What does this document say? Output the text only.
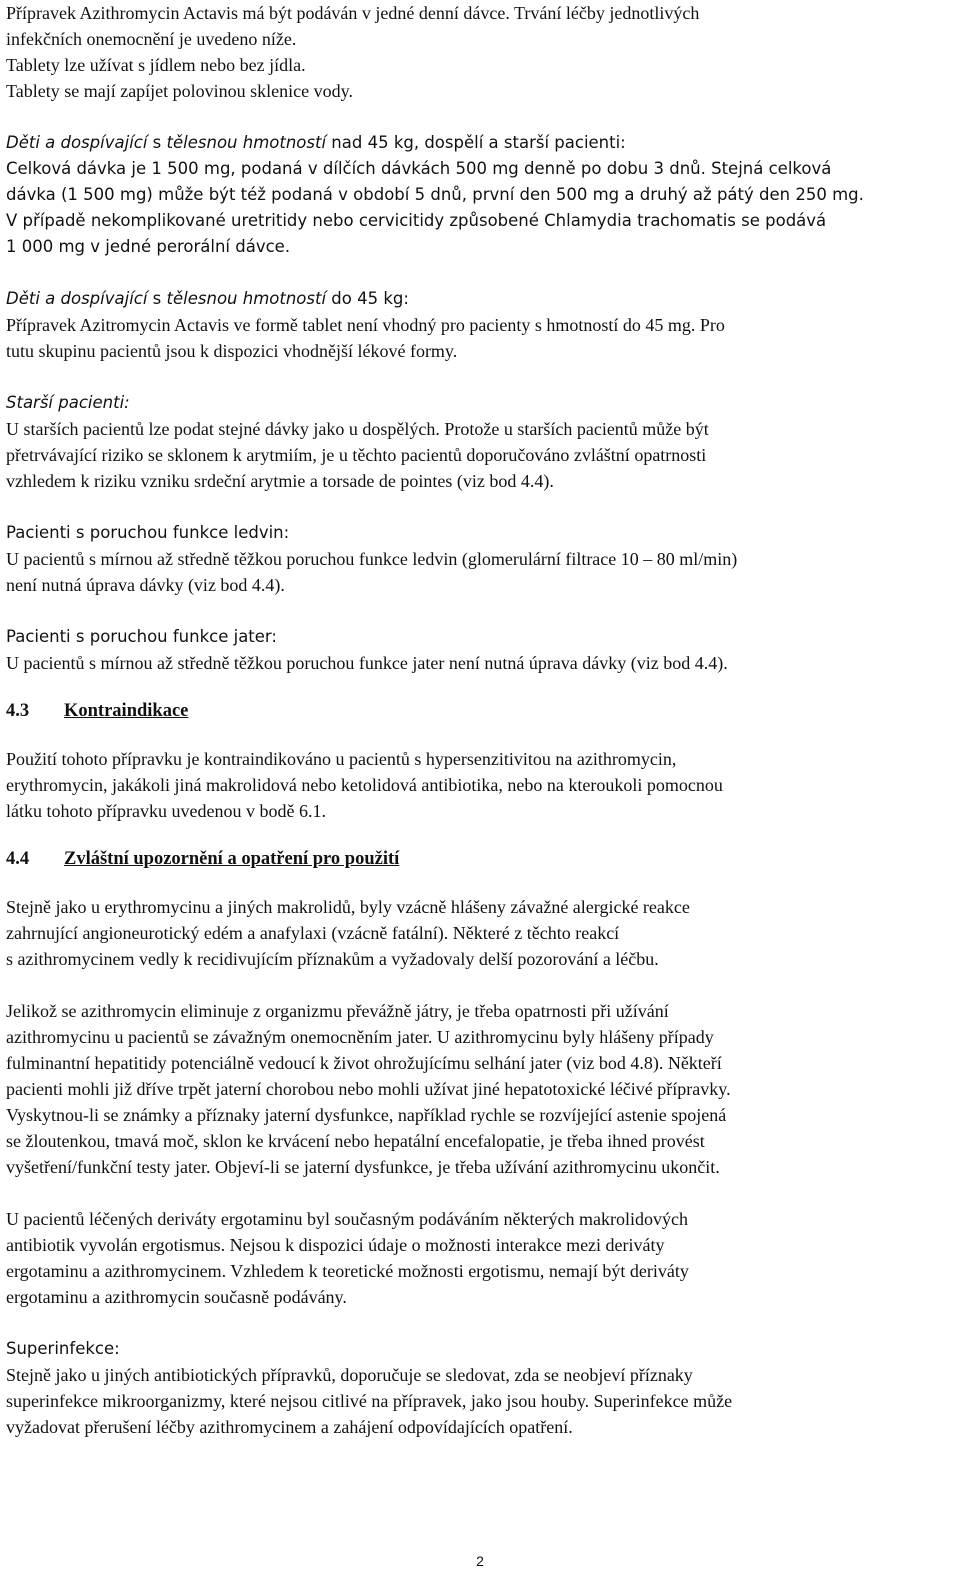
Přípravek Azithromycin Actavis má být podáván v jedné denní dávce. Trvání léčby jednotlivých
infekčních onemocnění je uvedeno níže.
Tablety lze užívat s jídlem nebo bez jídla.
Tablety se mají zapíjet polovinou sklenice vody.
Děti a dospívající s tělesnou hmotností nad 45 kg, dospělí a starší pacienti:
Celková dávka je 1 500 mg, podaná v dílčích dávkách 500 mg denně po dobu 3 dnů. Stejná celková
dávka (1 500 mg) může být též podaná v období 5 dnů, první den 500 mg a druhý až pátý den 250 mg.
V případě nekomplikované uretritidy nebo cervicitidy způsobené Chlamydia trachomatis se podává
1 000 mg v jedné perorální dávce.
Děti a dospívající s tělesnou hmotností do 45 kg:
Přípravek Azitromycin Actavis ve formě tablet není vhodný pro pacienty s hmotností do 45 mg. Pro
tutu skupinu pacientů jsou k dispozici vhodnější lékové formy.
Starší pacienti:
U starších pacientů lze podat stejné dávky jako u dospělých. Protože u starších pacientů může být
přetrvávající riziko se sklonem k arytmiím, je u těchto pacientů doporučováno zvláštní opatrnosti
vzhledem k riziku vzniku srdeční arytmie a torsade de pointes (viz bod 4.4).
Pacienti s poruchou funkce ledvin:
U pacientů s mírnou až středně těžkou poruchou funkce ledvin (glomerulární filtrace 10 – 80 ml/min)
není nutná úprava dávky (viz bod 4.4).
Pacienti s poruchou funkce jater:
U pacientů s mírnou až středně těžkou poruchou funkce jater není nutná úprava dávky (viz bod 4.4).
4.3	Kontraindikace
Použití tohoto přípravku je kontraindikováno u pacientů s hypersenzitivitou na azithromycin,
erythromycin, jakákoli jiná makrolidová nebo ketolidová antibiotika, nebo na kteroukoli pomocnou
látku tohoto přípravku uvedenou v bodě 6.1.
4.4	Zvláštní upozornění a opatření pro použití
Stejně jako u erythromycinu a jiných makrolidů, byly vzácně hlášeny závažné alergické reakce
zahrnující angioneurotický edém a anafylaxi (vzácně fatální). Některé z těchto reakcí
s azithromycinem vedly k recidivujícím příznakům a vyžadovaly delší pozorování a léčbu.
Jelikož se azithromycin eliminuje z organizmu převážně játry, je třeba opatrnosti při užívání
azithromycinu u pacientů se závažným onemocněním jater. U azithromycinu byly hlášeny případy
fulminantní hepatitidy potenciálně vedoucí k život ohrožujícímu selhání jater (viz bod 4.8). Někteří
pacienti mohli již dříve trpět jaterní chorobou nebo mohli užívat jiné hepatotoxické léčivé přípravky.
Vyskytnou-li se známky a příznaky jaterní dysfunkce, například rychle se rozvíjející astenie spojená
se žloutenkou, tmavá moč, sklon ke krvácení nebo hepatální encefalopatie, je třeba ihned provést
vyšetření/funkční testy jater. Objeví-li se jaterní dysfunkce, je třeba užívání azithromycinu ukončit.
U pacientů léčených deriváty ergotaminu byl současným podáváním některých makrolidových
antibiotik vyvolán ergotismus. Nejsou k dispozici údaje o možnosti interakce mezi deriváty
ergotaminu a azithromycinem. Vzhledem k teoretické možnosti ergotismu, nemají být deriváty
ergotaminu a azithromycin současně podávány.
Superinfekce:
Stejně jako u jiných antibiotických přípravků, doporučuje se sledovat, zda se neobjeví příznaky
superinfekce mikroorganizmy, které nejsou citlivé na přípravek, jako jsou houby. Superinfekce může
vyžadovat přerušení léčby azithromycinem a zahájení odpovídajících opatření.
2
